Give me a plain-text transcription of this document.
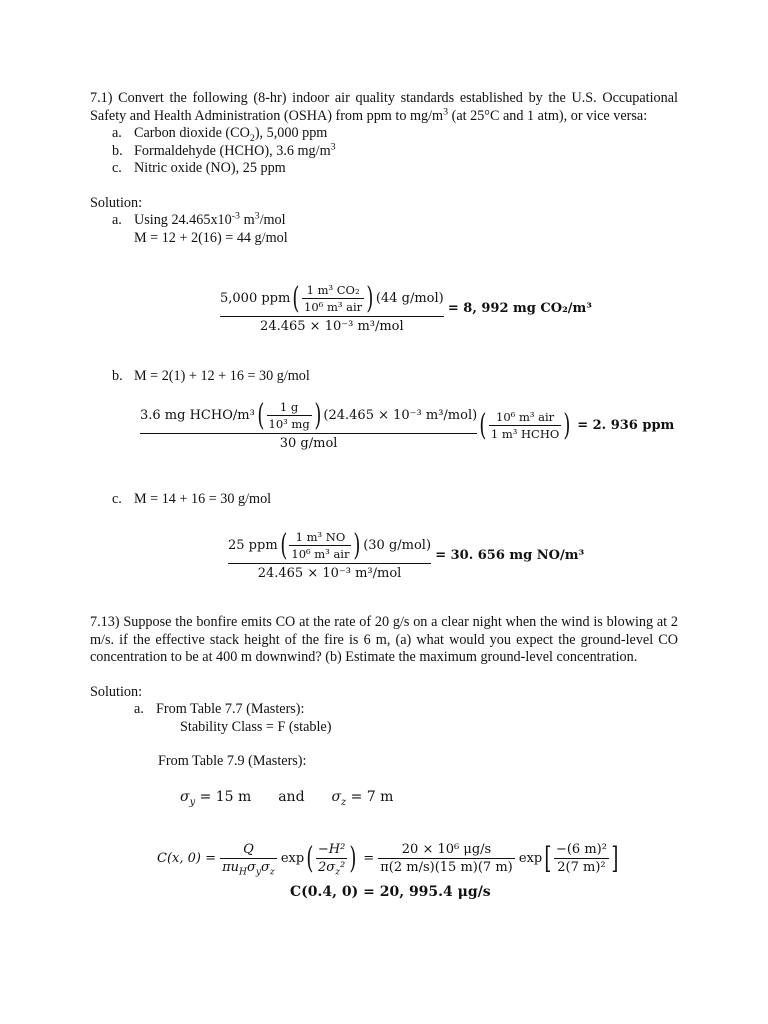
7.1) Convert the following (8-hr) indoor air quality standards established by the U.S. Occupational Safety and Health Administration (OSHA) from ppm to $mg/m^3$ (at 25°C and 1 atm), or vice versa:

a. Carbon dioxide $(CO_2)$, 5,000 ppm
b. Formaldehyde (HCHO), 3.6 $mg/m^3$
c. Nitric oxide (NO), 25 ppm

Solution:

a. Using $24.465x10^{-3}$ $m^3$/mol

M = 12 + 2(16) = 44 g/mol

$\frac{5,000 ppm( \frac{\text{1 m³ CO₂}}{\text{10⁶ m³ air}} ) (44 g/mol)}{\text{24.465 × 10⁻³ m³/mol}} = 8$, 992 mg CO₂/m³

b. M = 2(1) + 12 + 16 = 30 g/mol

$\frac{3.6 mg HCHO/m^3( \frac{1 g}{\text{10³ mg}} ) (24.465 \times 10^{-3} m^3/mol)}{\text{30 g/mol}}$ ( $\frac{\text{10⁶ m³ air}}{\text{1 m³ HCHO}}$ ) = 2. 936 ppm

c. M = 14 + 16 = 30 g/mol

$\frac{25 ppm( \frac{\text{1 m³ NO}}{\text{10⁶ m³ air}} ) (30 g/mol)}{\text{24.465 × 10⁻³ m³/mol}} = 30$. 656 mg NO/m³

7.13) Suppose the bonfire emits CO at the rate of 20 g/s on a clear night when the wind is blowing at 2 m/s. if the effective stack height of the fire is 6 m, (a) what would you expect the ground-level CO concentration to be at 400 m downwind? (b) Estimate the maximum ground-level concentration.

Solution:

a. From Table 7.7 (Masters):

Stability Class = F (stable)

From Table 7.9 (Masters):

$\sigma_y = 15$ m and $\sigma_z = 7$ m
C(x, $0) = \frac{Q}{\pi u_H\sigma_y\sigma_z} \exp( \frac{\text{−H²}}{2\sigma_z^2}$ ) = $\frac{\text{20 × 10⁶ μg/s}}{\pi(2 m/s)(15 m)(7 m)} \exp[ \frac{\text{−(6 m)²}}{\text{2(7 m)²}}$ ]
C(0.4, 0) = 20, 995.4 μg/s
